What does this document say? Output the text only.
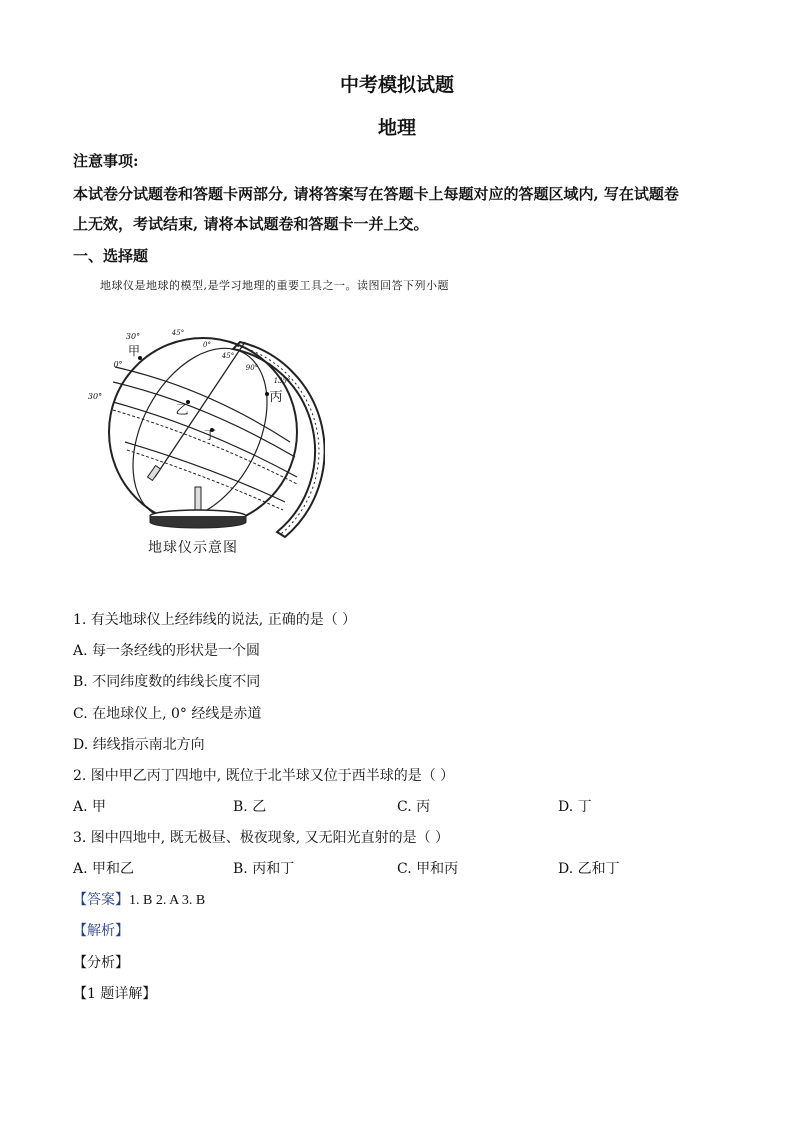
中考模拟试题
地理
注意事项:
本试卷分试题卷和答题卡两部分, 请将答案写在答题卡上每题对应的答题区域内, 写在试题卷
上无效，考试结束, 请将本试题卷和答题卡一并上交。
一、选择题
地球仪是地球的模型,是学习地理的重要工具之一。读图回答下列小题
甲
乙
丙
丁
30°
30°
45°
0°
0°
45°
90°
135°
地球仪示意图
1. 有关地球仪上经纬线的说法, 正确的是（ ）
A. 每一条经线的形状是一个圆
B. 不同纬度数的纬线长度不同
C. 在地球仪上, 0° 经线是赤道
D. 纬线指示南北方向
2. 图中甲乙丙丁四地中, 既位于北半球又位于西半球的是（ ）
A. 甲	B. 乙	C. 丙	D. 丁
3. 图中四地中, 既无极昼、极夜现象, 又无阳光直射的是（ ）
A. 甲和乙	B. 丙和丁	C. 甲和丙	D. 乙和丁
【答案】1. B 2. A 3. B
【解析】
【分析】
【1 题详解】
